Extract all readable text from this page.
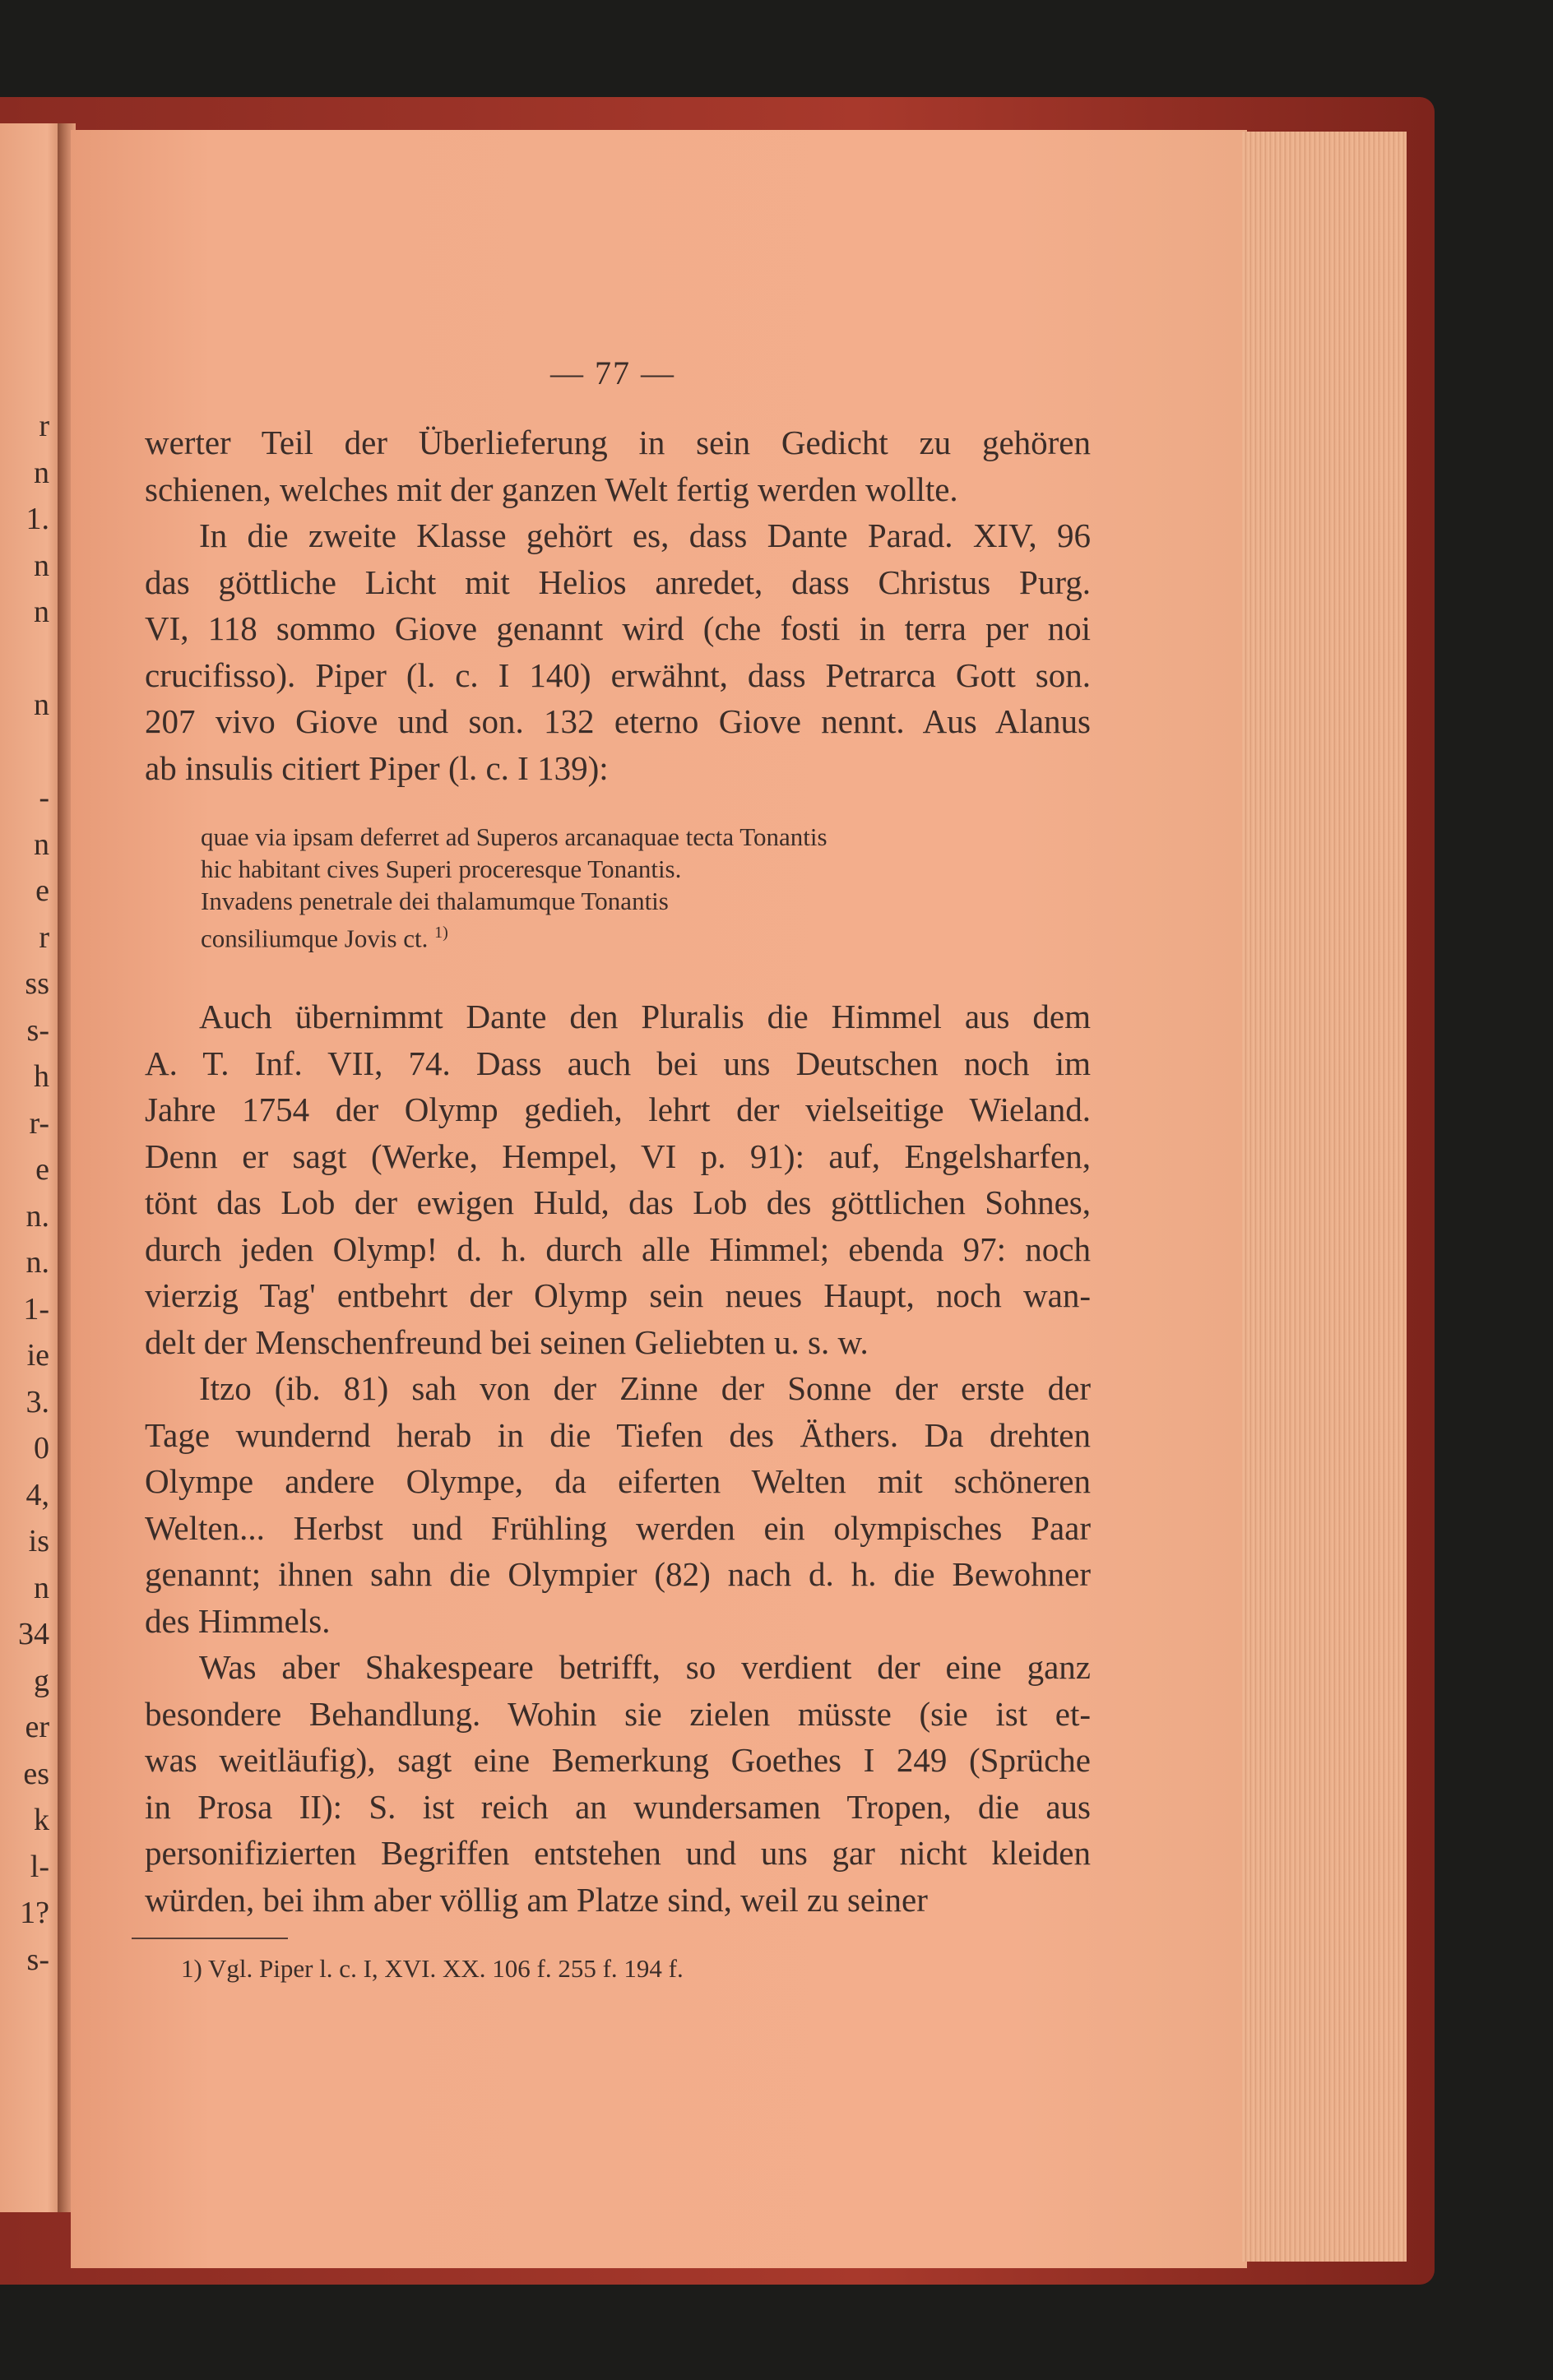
r
n
1.
n
n
n
-
n
e
r
ss
s-
h
r-
e
n.
n.
1-
ie
3.
0
4,
is
n
34
g
er
es
k
l-
1?
s-
— 77 —
werter Teil der Überlieferung in sein Gedicht zu gehören
schienen, welches mit der ganzen Welt fertig werden wollte.
In die zweite Klasse gehört es, dass Dante Parad. XIV, 96
das göttliche Licht mit Helios anredet, dass Christus Purg.
VI, 118 sommo Giove genannt wird (che fosti in terra per noi
crucifisso). Piper (l. c. I 140) erwähnt, dass Petrarca Gott son.
207 vivo Giove und son. 132 eterno Giove nennt. Aus Alanus
ab insulis citiert Piper (l. c. I 139):
quae via ipsam deferret ad Superos arcanaquae tecta Tonantis
hic habitant cives Superi proceresque Tonantis.
Invadens penetrale dei thalamumque Tonantis
consiliumque Jovis ct. $^{1)}$
Auch übernimmt Dante den Pluralis die Himmel aus dem
A. T. Inf. VII, 74. Dass auch bei uns Deutschen noch im
Jahre 1754 der Olymp gedieh, lehrt der vielseitige Wieland.
Denn er sagt (Werke, Hempel, VI p. 91): auf, Engelsharfen,
tönt das Lob der ewigen Huld, das Lob des göttlichen Sohnes,
durch jeden Olymp! d. h. durch alle Himmel; ebenda 97: noch
vierzig Tag' entbehrt der Olymp sein neues Haupt, noch wan-
delt der Menschenfreund bei seinen Geliebten u. s. w.
Itzo (ib. 81) sah von der Zinne der Sonne der erste der
Tage wundernd herab in die Tiefen des Äthers. Da drehten
Olympe andere Olympe, da eiferten Welten mit schöneren
Welten... Herbst und Frühling werden ein olympisches Paar
genannt; ihnen sahn die Olympier (82) nach d. h. die Bewohner
des Himmels.
Was aber Shakespeare betrifft, so verdient der eine ganz
besondere Behandlung. Wohin sie zielen müsste (sie ist et-
was weitläufig), sagt eine Bemerkung Goethes I 249 (Sprüche
in Prosa II): S. ist reich an wundersamen Tropen, die aus
personifizierten Begriffen entstehen und uns gar nicht kleiden
würden, bei ihm aber völlig am Platze sind, weil zu seiner
1) Vgl. Piper l. c. I, XVI. XX. 106 f. 255 f. 194 f.
